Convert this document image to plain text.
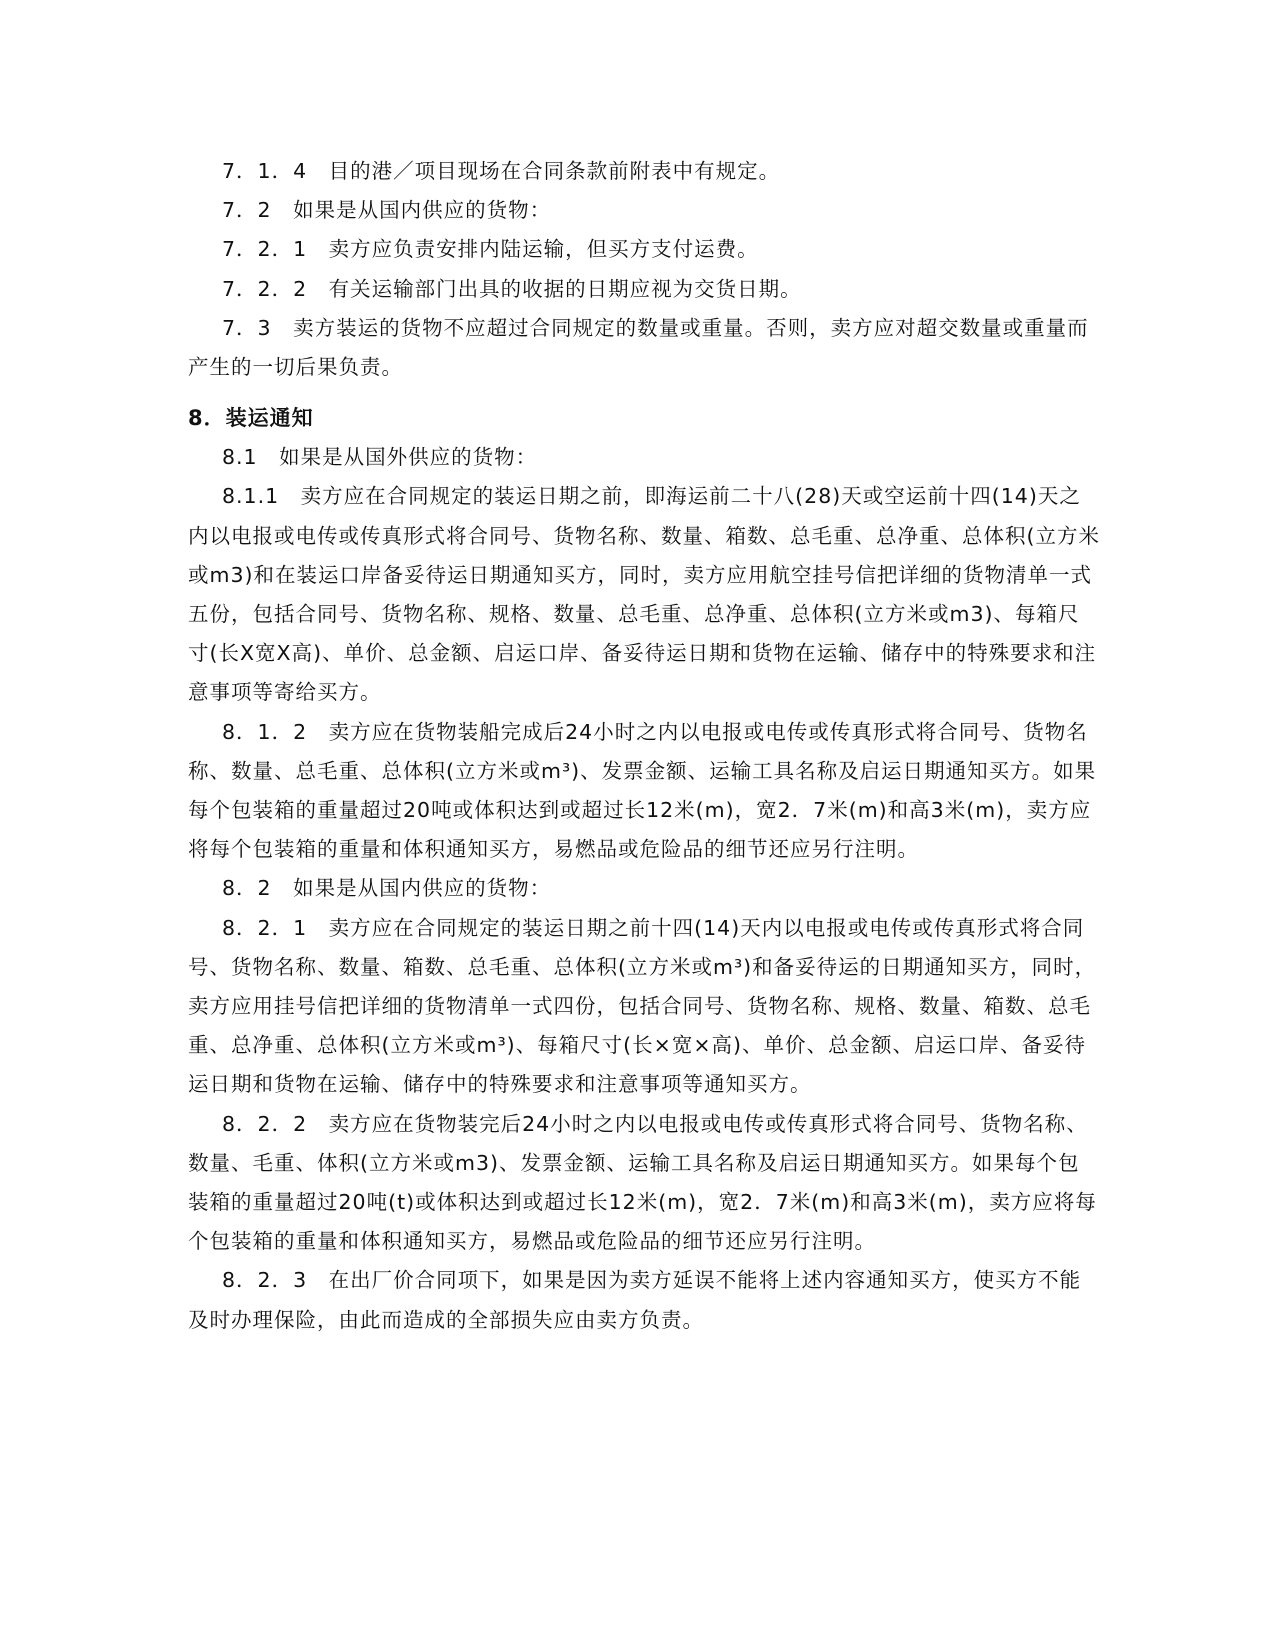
7．1．4　目的港／项目现场在合同条款前附表中有规定。

7．2　如果是从国内供应的货物：

7．2．1　卖方应负责安排内陆运输，但买方支付运费。

7．2．2　有关运输部门出具的收据的日期应视为交货日期。

7．3　卖方装运的货物不应超过合同规定的数量或重量。否则，卖方应对超交数量或重量而产生的一切后果负责。

8．装运通知

8.1　如果是从国外供应的货物：

8.1.1　卖方应在合同规定的装运日期之前，即海运前二十八(28)天或空运前十四(14)天之内以电报或电传或传真形式将合同号、货物名称、数量、箱数、总毛重、总净重、总体积(立方米或m3)和在装运口岸备妥待运日期通知买方，同时，卖方应用航空挂号信把详细的货物清单一式五份，包括合同号、货物名称、规格、数量、总毛重、总净重、总体积(立方米或m3)、每箱尺寸(长X宽X高)、单价、总金额、启运口岸、备妥待运日期和货物在运输、储存中的特殊要求和注意事项等寄给买方。

8．1．2　卖方应在货物装船完成后24小时之内以电报或电传或传真形式将合同号、货物名称、数量、总毛重、总体积(立方米或m³)、发票金额、运输工具名称及启运日期通知买方。如果每个包装箱的重量超过20吨或体积达到或超过长12米(m)，宽2．7米(m)和高3米(m)，卖方应将每个包装箱的重量和体积通知买方，易燃品或危险品的细节还应另行注明。

8．2　如果是从国内供应的货物：

8．2．1　卖方应在合同规定的装运日期之前十四(14)天内以电报或电传或传真形式将合同号、货物名称、数量、箱数、总毛重、总体积(立方米或m³)和备妥待运的日期通知买方，同时，卖方应用挂号信把详细的货物清单一式四份，包括合同号、货物名称、规格、数量、箱数、总毛重、总净重、总体积(立方米或m³)、每箱尺寸(长×宽×高)、单价、总金额、启运口岸、备妥待运日期和货物在运输、储存中的特殊要求和注意事项等通知买方。

8．2．2　卖方应在货物装完后24小时之内以电报或电传或传真形式将合同号、货物名称、数量、毛重、体积(立方米或m3)、发票金额、运输工具名称及启运日期通知买方。如果每个包装箱的重量超过20吨(t)或体积达到或超过长12米(m)，宽2．7米(m)和高3米(m)，卖方应将每个包装箱的重量和体积通知买方，易燃品或危险品的细节还应另行注明。

8．2．3　在出厂价合同项下，如果是因为卖方延误不能将上述内容通知买方，使买方不能及时办理保险，由此而造成的全部损失应由卖方负责。
